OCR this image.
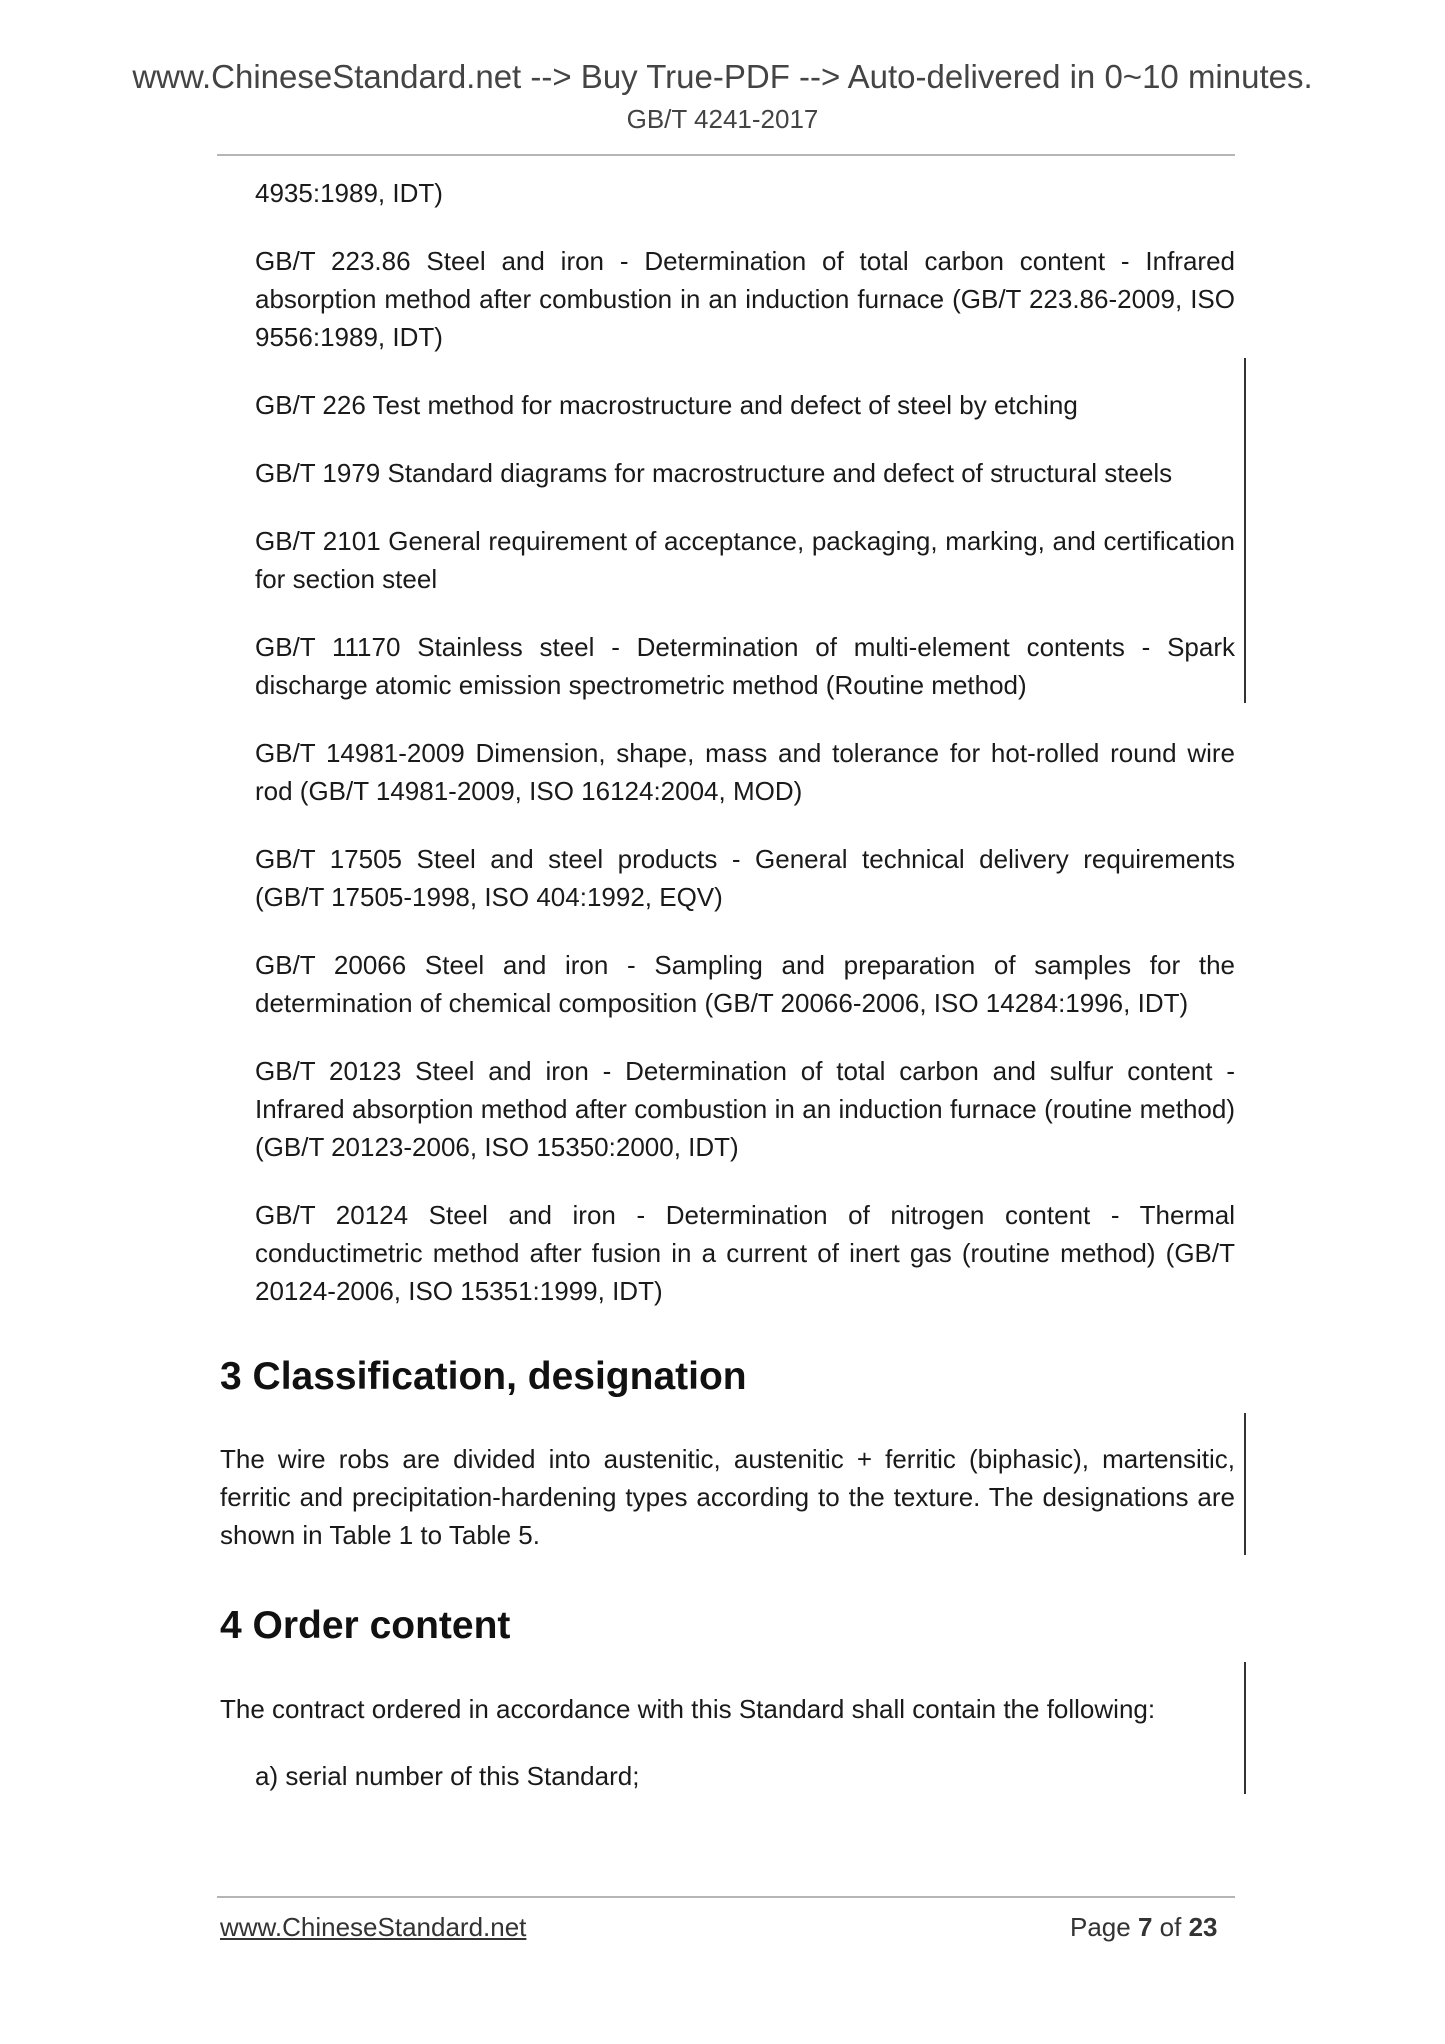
www.ChineseStandard.net --> Buy True-PDF --> Auto-delivered in 0~10 minutes.
GB/T 4241-2017

4935:1989, IDT)

GB/T 223.86 Steel and iron - Determination of total carbon content - Infrared absorption method after combustion in an induction furnace (GB/T 223.86-2009, ISO 9556:1989, IDT)

GB/T 226 Test method for macrostructure and defect of steel by etching

GB/T 1979 Standard diagrams for macrostructure and defect of structural steels

GB/T 2101 General requirement of acceptance, packaging, marking, and certification for section steel

GB/T 11170 Stainless steel - Determination of multi-element contents - Spark discharge atomic emission spectrometric method (Routine method)

GB/T 14981-2009 Dimension, shape, mass and tolerance for hot-rolled round wire rod (GB/T 14981-2009, ISO 16124:2004, MOD)

GB/T 17505 Steel and steel products - General technical delivery requirements (GB/T 17505-1998, ISO 404:1992, EQV)

GB/T 20066 Steel and iron - Sampling and preparation of samples for the determination of chemical composition (GB/T 20066-2006, ISO 14284:1996, IDT)

GB/T 20123 Steel and iron - Determination of total carbon and sulfur content - Infrared absorption method after combustion in an induction furnace (routine method) (GB/T 20123-2006, ISO 15350:2000, IDT)

GB/T 20124 Steel and iron - Determination of nitrogen content - Thermal conductimetric method after fusion in a current of inert gas (routine method) (GB/T 20124-2006, ISO 15351:1999, IDT)

3 Classification, designation
The wire robs are divided into austenitic, austenitic + ferritic (biphasic), martensitic, ferritic and precipitation-hardening types according to the texture. The designations are shown in Table 1 to Table 5.
4 Order content
The contract ordered in accordance with this Standard shall contain the following:
a) serial number of this Standard;
www.ChineseStandard.net	Page 7 of 23
